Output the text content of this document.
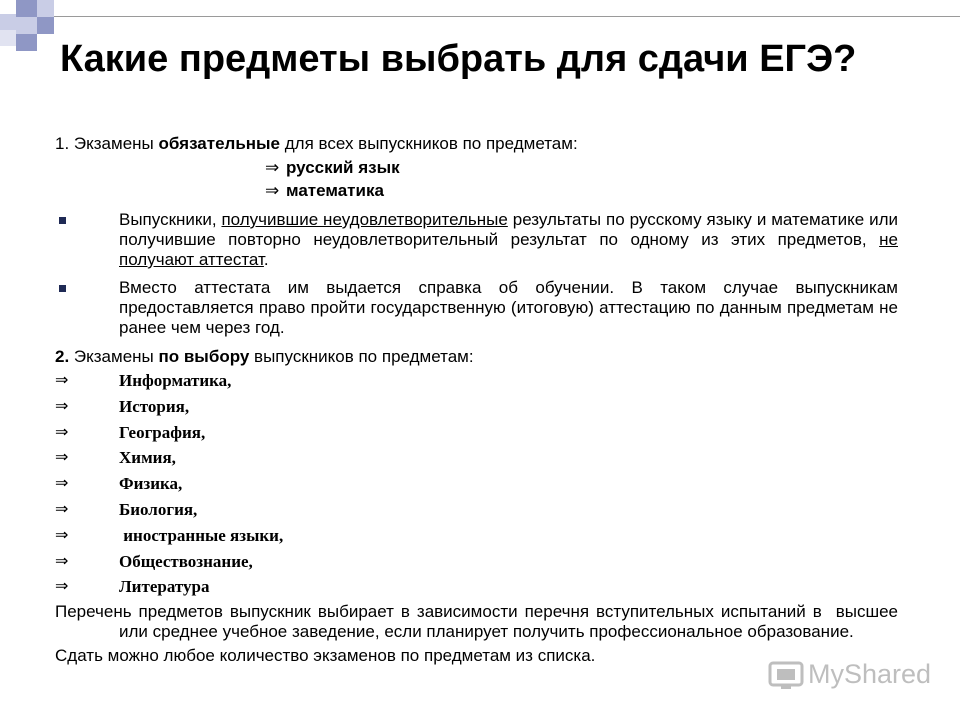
Какие предметы выбрать для сдачи ЕГЭ?

1. Экзамены обязательные для всех выпускников по предметам:

⇒ русский язык
⇒ математика
Выпускники, получившие неудовлетворительные результаты по русскому языку и математике или получившие повторно неудовлетворительный результат по одному из этих предметов, не получают аттестат.
Вместо аттестата им выдается справка об обучении. В таком случае выпускникам предоставляется право пройти государственную (итоговую) аттестацию по данным предметам не ранее чем через год.

2. Экзамены по выбору выпускников по предметам:

⇒	Информатика,
⇒	История,
⇒	География,
⇒	Химия,
⇒	Физика,
⇒	Биология,
⇒	иностранные языки,
⇒	Обществознание,
⇒	Литература

Перечень предметов выпускник выбирает в зависимости перечня вступительных испытаний в  высшее или среднее учебное заведение, если планирует получить профессиональное образование.

Сдать можно любое количество экзаменов по предметам из списка.

MyShared
